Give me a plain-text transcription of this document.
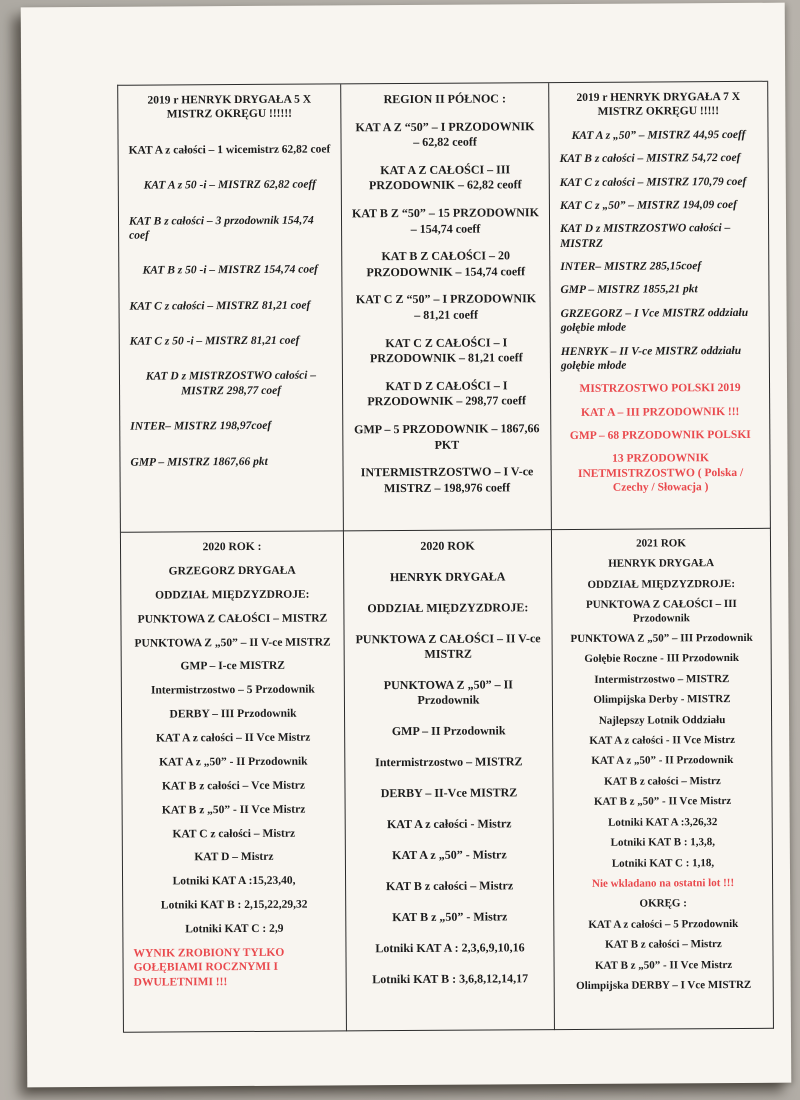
2019 r HENRYK DRYGAŁA 5 X MISTRZ OKRĘGU !!!!!!
KAT A z całości – 1 wicemistrz 62,82 coef
KAT A z 50 -i – MISTRZ 62,82 coeff
KAT B z całości – 3 przodownik 154,74 coef
KAT B z 50 -i – MISTRZ 154,74 coef
KAT C z całości – MISTRZ 81,21 coef
KAT C z 50 -i – MISTRZ 81,21 coef
KAT D z MISTRZOSTWO całości – MISTRZ 298,77 coef
INTER– MISTRZ 198,97coef
GMP – MISTRZ 1867,66 pkt
REGION II PÓŁNOC :
KAT A Z “50” – I PRZODOWNIK – 62,82 ceoff
KAT A Z CAŁOŚCI – III PRZODOWNIK – 62,82 ceoff
KAT B Z “50” – 15 PRZODOWNIK – 154,74 coeff
KAT B Z CAŁOŚCI – 20 PRZODOWNIK – 154,74 coeff
KAT C Z “50” – I PRZODOWNIK – 81,21 coeff
KAT C Z CAŁOŚCI – I PRZODOWNIK – 81,21 coeff
KAT D Z CAŁOŚCI – I PRZODOWNIK – 298,77 coeff
GMP – 5 PRZODOWNIK – 1867,66 PKT
INTERMISTRZOSTWO – I V-ce MISTRZ – 198,976 coeff
2019 r HENRYK DRYGAŁA 7 X MISTRZ OKRĘGU !!!!!
KAT A z „50” – MISTRZ 44,95 coeff
KAT B z całości – MISTRZ 54,72 coef
KAT C z całości – MISTRZ 170,79 coef
KAT C z „50” – MISTRZ 194,09 coef
KAT D z MISTRZOSTWO całości – MISTRZ
INTER– MISTRZ 285,15coef
GMP – MISTRZ 1855,21 pkt
GRZEGORZ – I Vce MISTRZ oddziału gołębie młode
HENRYK – II V-ce MISTRZ oddziału gołębie młode
MISTRZOSTWO POLSKI 2019
KAT A – III PRZODOWNIK !!!
GMP – 68 PRZODOWNIK POLSKI
13 PRZODOWNIK INETMISTRZOSTWO ( Polska / Czechy / Słowacja )
2020 ROK :
GRZEGORZ DRYGAŁA
ODDZIAŁ MIĘDZYZDROJE:
PUNKTOWA Z CAŁOŚCI – MISTRZ
PUNKTOWA Z „50” – II V-ce MISTRZ
GMP – I-ce MISTRZ
Intermistrzostwo – 5 Przodownik
DERBY – III Przodownik
KAT A z całości – II Vce Mistrz
KAT A z „50” - II Przodownik
KAT B z całości – Vce Mistrz
KAT B z „50” - II Vce Mistrz
KAT C z całości – Mistrz
KAT D – Mistrz
Lotniki KAT A :15,23,40,
Lotniki KAT B : 2,15,22,29,32
Lotniki KAT C : 2,9
WYNIK ZROBIONY TYLKO GOŁĘBIAMI ROCZNYMI I DWULETNIMI !!!
2020 ROK
HENRYK DRYGAŁA
ODDZIAŁ MIĘDZYZDROJE:
PUNKTOWA Z CAŁOŚCI – II V-ce MISTRZ
PUNKTOWA Z „50” – II Przodownik
GMP – II Przodownik
Intermistrzostwo – MISTRZ
DERBY – II-Vce MISTRZ
KAT A z całości - Mistrz
KAT A z „50” - Mistrz
KAT B z całości – Mistrz
KAT B z „50” - Mistrz
Lotniki KAT A : 2,3,6,9,10,16
Lotniki KAT B : 3,6,8,12,14,17
2021 ROK
HENRYK DRYGAŁA
ODDZIAŁ MIĘDZYZDROJE:
PUNKTOWA Z CAŁOŚCI – III Przodownik
PUNKTOWA Z „50” – III Przodownik
Gołębie Roczne - III Przodownik
Intermistrzostwo – MISTRZ
Olimpijska Derby - MISTRZ
Najlepszy Lotnik Oddziału
KAT A z całości - II Vce Mistrz
KAT A z „50” - II Przodownik
KAT B z całości – Mistrz
KAT B z „50” - II Vce Mistrz
Lotniki KAT A :3,26,32
Lotniki KAT B : 1,3,8,
Lotniki KAT C : 1,18,
Nie wkladano na ostatni lot !!!
OKRĘG :
KAT A z całości – 5 Przodownik
KAT B z całości – Mistrz
KAT B z „50” - II Vce Mistrz
Olimpijska DERBY – I Vce MISTRZ
